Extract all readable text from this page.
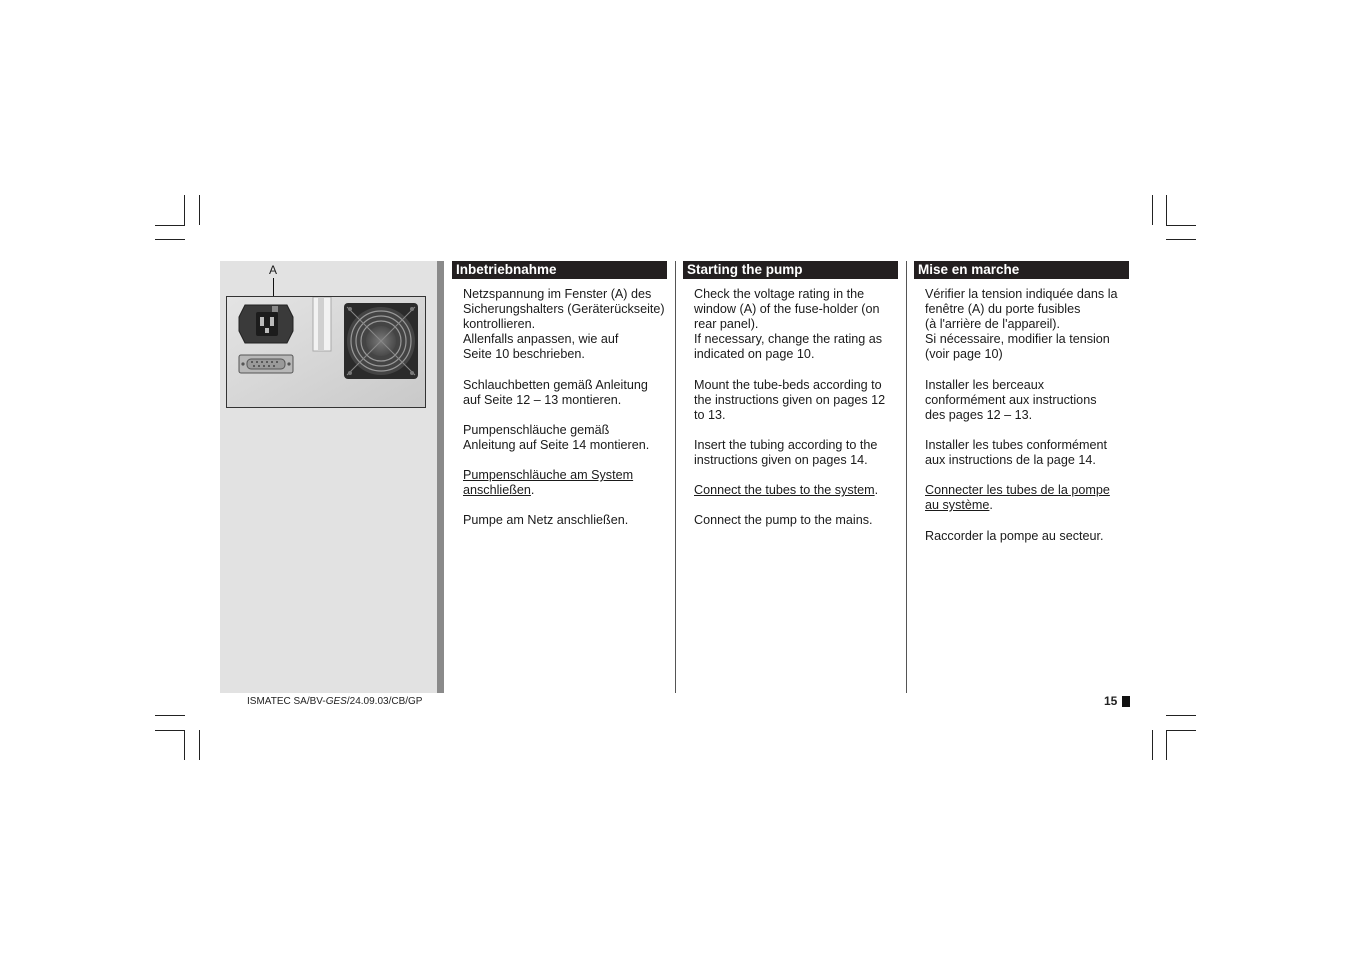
A	Inbetriebnahme

Netzspannung im Fenster (A) des
Sicherungshalters (Geräterückseite)
kontrollieren.
Allenfalls anpassen, wie auf
Seite 10 beschrieben.

Schlauchbetten gemäß Anleitung
auf Seite 12 – 13 montieren.

Pumpenschläuche gemäß
Anleitung auf Seite 14 montieren.

Pumpenschläuche am System
anschließen.

Pumpe am Netz anschließen.

Starting the pump

Check the voltage rating in the
window (A) of the fuse-holder (on
rear panel).
If necessary, change the rating as
indicated on page 10.

Mount the tube-beds according to
the instructions given on pages 12
to 13.

Insert the tubing according to the
instructions given on pages 14.

Connect the tubes to the system.

Connect the pump to the mains.

Mise en marche

Vérifier la tension indiquée dans la
fenêtre (A) du porte fusibles
(à l'arrière de l'appareil).
Si nécessaire, modifier la tension
(voir page 10)

Installer les berceaux
conformément aux instructions
des pages 12 – 13.

Installer les tubes conformément
aux instructions de la page 14.

Connecter les tubes de la pompe
au système.

Raccorder la pompe au secteur.

ISMATEC SA/BV-GES/24.09.03/CB/GP	15
